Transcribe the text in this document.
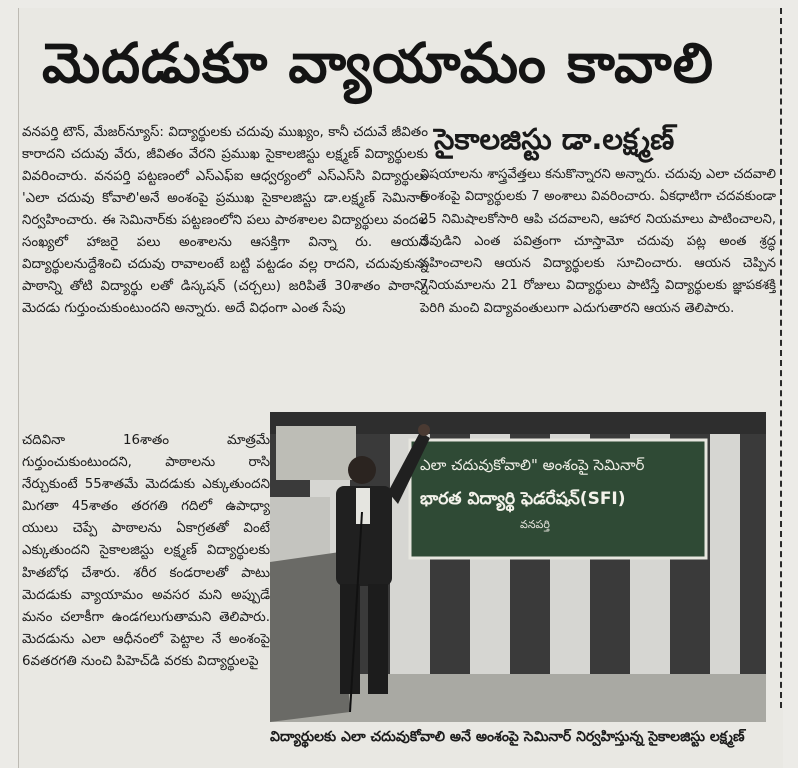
మెదడుకూ వ్యాయామం కావాలి
సైకాలజిస్టు డా.లక్ష్మణ్

వనపర్తి టౌన్, మేజర్‌న్యూస్: విద్యార్థులకు చదువు ముఖ్యం, కానీ చదువే జీవితం కారాదని చదువు వేరు, జీవితం వేరని ప్రముఖ సైకాలజిస్టు లక్ష్మణ్ విద్యార్థులకు వివరించారు. వనపర్తి పట్టణంలో ఎస్‌ఎఫ్‌ఐ ఆధ్వర్యంలో ఎస్‌ఎస్‌సి విద్యార్థులు 'ఎలా చదువు కోవాలి'అనే అంశంపై ప్రముఖ సైకాలజిస్టు డా.లక్ష్మణ్ సెమినార్ నిర్వహించారు. ఈ సెమినార్‌కు పట్టణంలోని పలు పాఠశాలల విద్యార్థులు వందల సంఖ్యలో హాజరై పలు అంశాలను ఆసక్తిగా విన్నా రు. ఆయన విద్యార్థులనుద్దేశించి చదువు రావాలంటే బట్టి పట్టడం వల్ల రాదని, చదువుకున్న పాఠాన్ని తోటి విద్యార్థు లతో డిస్కషన్ (చర్చలు) జరిపితే 30శాతం పాఠాన్ని మెదడు గుర్తుంచుకుంటుందని అన్నారు. అదే విధంగా ఎంత సేపు

చదివినా 16శాతం మాత్రమే గుర్తుంచుకుంటుందని, పాఠాలను రాసి నేర్చుకుంటే 55శాతమే మెదడుకు ఎక్కుతుందని మిగతా 45శాతం తరగతి గదిలో ఉపాధ్యా యులు చెప్పే పాఠాలను ఏకాగ్రతతో వింటే ఎక్కుతుందని సైకాలజిస్టు లక్ష్మణ్ విద్యార్థులకు హితబోధ చేశారు. శరీర కండరాలతో పాటు మెదడుకు వ్యాయామం అవసర మని అప్పుడే మనం చలాకీగా ఉండగలుగుతామని తెలిపారు. మెదడును ఎలా ఆధీనంలో పెట్టాల నే అంశంపై 6వతరగతి నుంచి పిహెచ్‌డి వరకు విద్యార్థులపై

విషయాలను శాస్త్రవేత్తలు కనుకొన్నారని అన్నారు. చదువు ఎలా చదవాలి అంశంపై విద్యార్థులకు 7 అంశాలు వివరించారు. ఏకధాటిగా చదవకుండా 25 నిమిషాలకోసారి ఆపి చదవాలని, ఆహార నియమాలు పాటించాలని, దేవుడిని ఎంత పవిత్రంగా చూస్తామో చదువు పట్ల అంత శ్రద్ధ వహించాలని ఆయన విద్యార్థులకు సూచించారు. ఆయన చెప్పిన 7నియమాలను 21 రోజులు విద్యార్థులు పాటిస్తే విద్యార్థులకు జ్ఞాపకశక్తి పెరిగి మంచి విద్యావంతులుగా ఎదుగుతారని ఆయన తెలిపారు.

ఎలా చదువుకోవాలి" అంశంపై సెమినార్
భారత విద్యార్థి ఫెడరేషన్(SFI)
వనపర్తి
విద్యార్థులకు ఎలా చదువుకోవాలి అనే అంశంపై సెమినార్ నిర్వహిస్తున్న సైకాలజిస్టు లక్ష్మణ్
